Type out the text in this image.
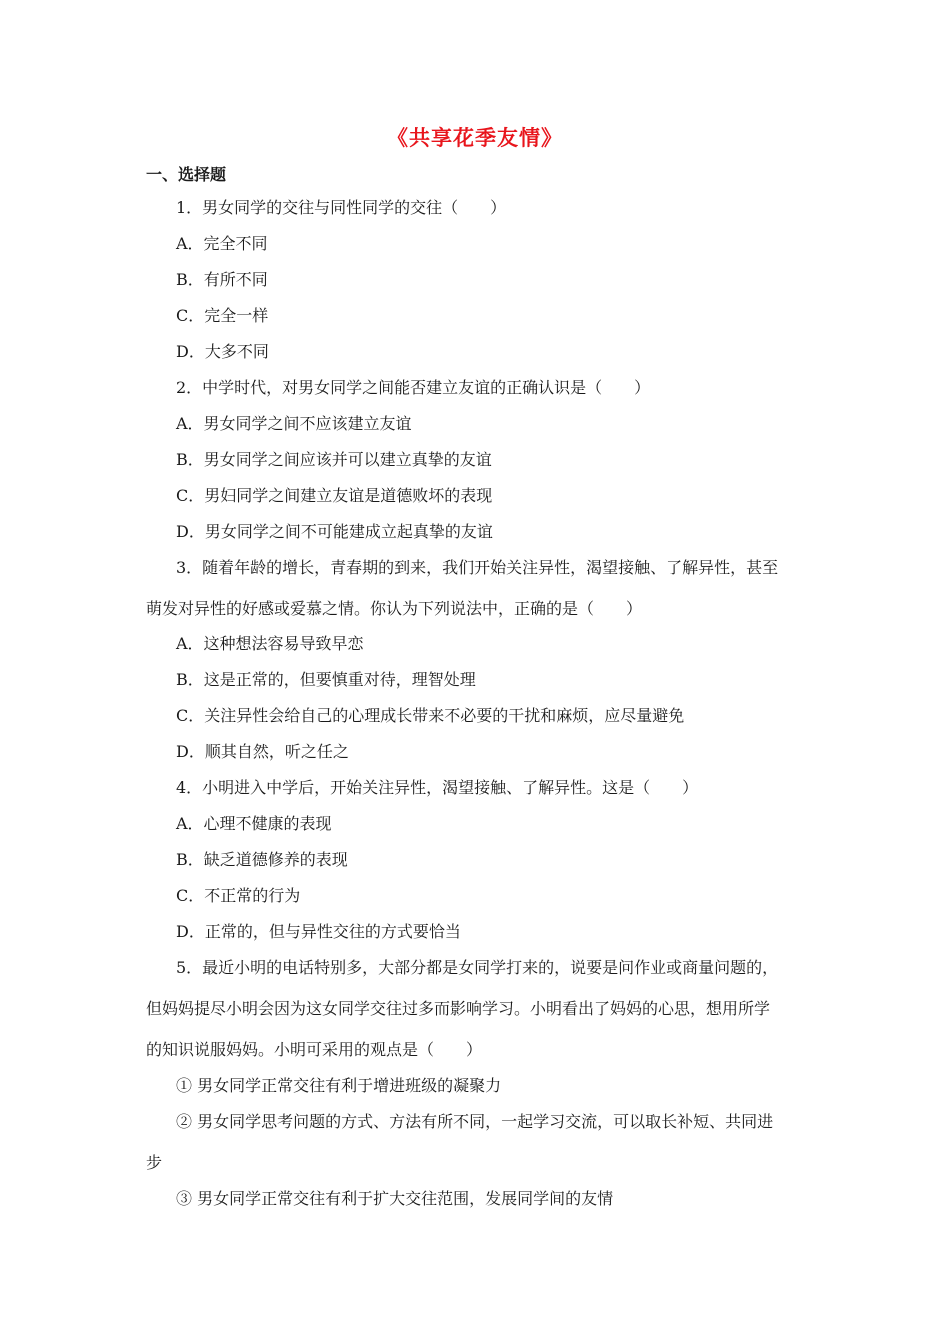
《共享花季友情》
一、选择题
1．男女同学的交往与同性同学的交往（　　）
A．完全不同
B．有所不同
C．完全一样
D．大多不同
2．中学时代，对男女同学之间能否建立友谊的正确认识是（　　）
A．男女同学之间不应该建立友谊
B．男女同学之间应该并可以建立真挚的友谊
C．男妇同学之间建立友谊是道德败坏的表现
D．男女同学之间不可能建成立起真挚的友谊
3．随着年龄的增长，青春期的到来，我们开始关注异性，渴望接触、了解异性，甚至
萌发对异性的好感或爱慕之情。你认为下列说法中，正确的是（　　）
A．这种想法容易导致早恋
B．这是正常的，但要慎重对待，理智处理
C．关注异性会给自己的心理成长带来不必要的干扰和麻烦，应尽量避免
D．顺其自然，听之任之
4．小明进入中学后，开始关注异性，渴望接触、了解异性。这是（　　）
A．心理不健康的表现
B．缺乏道德修养的表现
C．不正常的行为
D．正常的，但与异性交往的方式要恰当
5．最近小明的电话特别多，大部分都是女同学打来的，说要是问作业或商量问题的，
但妈妈提尽小明会因为这女同学交往过多而影响学习。小明看出了妈妈的心思，想用所学
的知识说服妈妈。小明可采用的观点是（　　）
① 男女同学正常交往有利于增进班级的凝聚力
② 男女同学思考问题的方式、方法有所不同，一起学习交流，可以取长补短、共同进
步
③ 男女同学正常交往有利于扩大交往范围，发展同学间的友情
